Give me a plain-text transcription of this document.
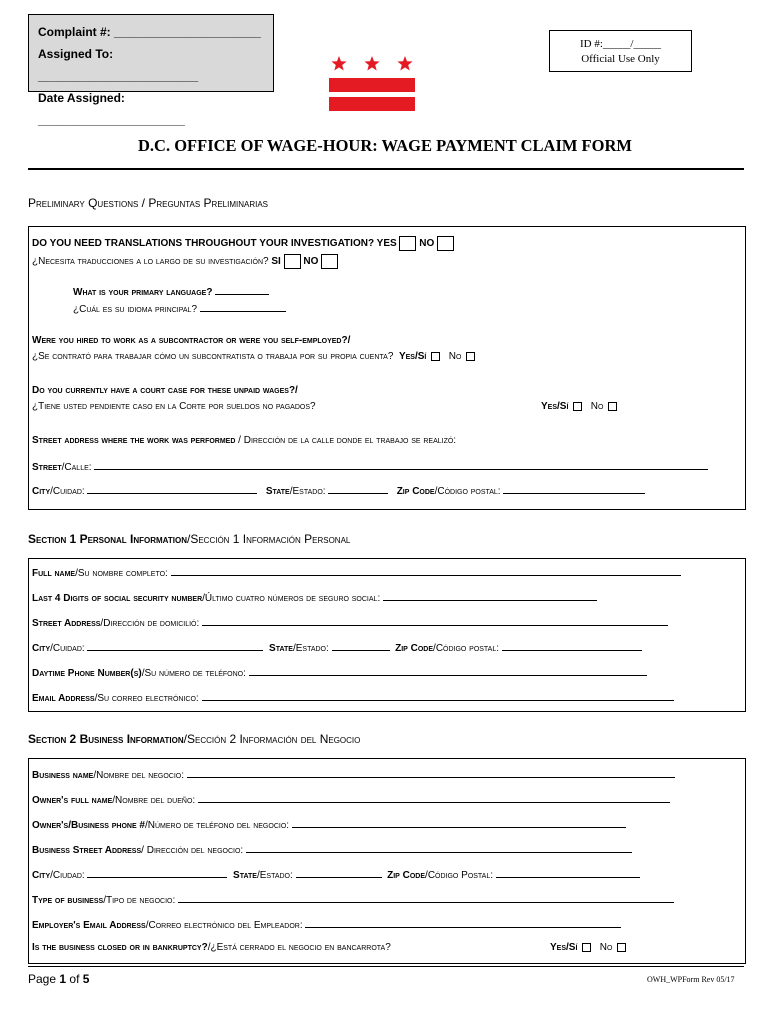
Complaint #: ______________________
Assigned To: ________________________
Date Assigned: ______________________
ID #:_____/_____
Official Use Only
D.C. OFFICE OF WAGE-HOUR: WAGE PAYMENT CLAIM FORM
Preliminary Questions / Preguntas Preliminarias
DO YOU NEED TRANSLATIONS THROUGHOUT YOUR INVESTIGATION? YES NO
¿Necesita traducciones a lo largo de su investigación? SI NO
What is your primary language?
¿Cuál es su idioma principal?
Were you hired to work as a subcontractor or were you self-employed?/
¿Se contrató para trabajar cómo un subcontratista o trabaja por su propia cuenta? Yes/Sí No
Do you currently have a court case for these unpaid wages?/
¿Tiene usted pendiente caso en la Corte por sueldos no pagados?	Yes/Sí No
Street address where the work was performed / Dirección de la calle donde el trabajo se realizó:
Street/Calle:
City/Cuidad:	State/Estado:	Zip Code/Código postal:
Section 1 Personal Information/Sección 1 Información Personal
Full name/Su nombre completo:
Last 4 Digits of social security number/Último cuatro números de seguro social:
Street Address/Dirección de domicilió:
City/Cuidad:	State/Estado:	Zip Code/Código postal:
Daytime Phone Number(s)/Su número de teléfono:
Email Address/Su correo electrónico:
Section 2 Business Information/Sección 2 Información del Negocio
Business name/Nombre del negocio:
Owner's full name/Nombre del dueño:
Owner's/Business phone #/Número de teléfono del negocio:
Business Street Address/ Dirección del negocio:
City/Ciudad:	State/Estado:	Zip Code/Código Postal:
Type of business/Tipo de negocio:
Employer's Email Address/Correo electrónico del Empleador:
Is the business closed or in bankruptcy?/¿Está cerrado el negocio en bancarrota?	Yes/Sí No
Page 1 of 5	OWH_WPForm Rev 05/17
